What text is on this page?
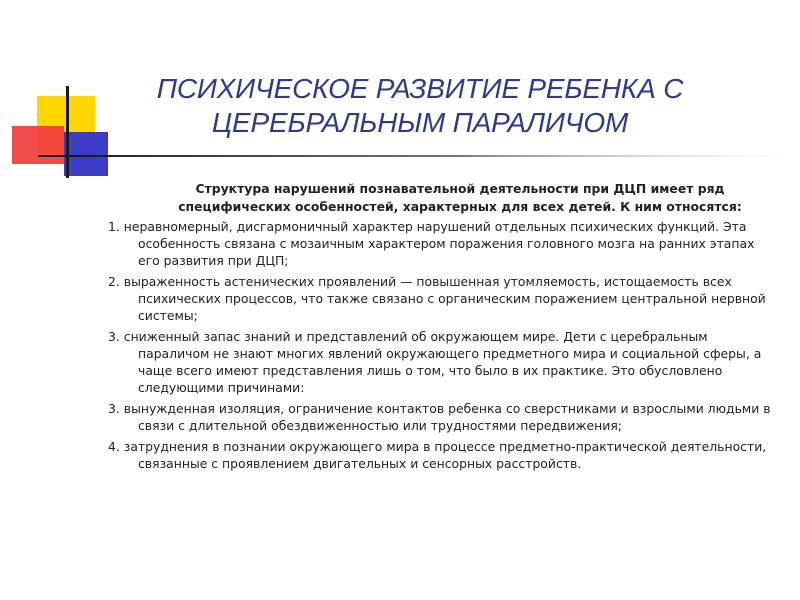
ПСИХИЧЕСКОЕ РАЗВИТИЕ РЕБЕНКА С ЦЕРЕБРАЛЬНЫМ ПАРАЛИЧОМ

Структура нарушений познавательной деятельности при ДЦП имеет ряд специфических особенностей, характерных для всех детей. К ним относятся:

1. неравномерный, дисгармоничный характер нарушений отдельных психических функций. Эта особенность связана с мозаичным характером поражения головного мозга на ранних этапах его развития при ДЦП;

2. выраженность астенических проявлений — повышенная утомляемость, истощаемость всех психических процессов, что также связано с органическим поражением центральной нервной системы;

3. сниженный запас знаний и представлений об окружающем мире. Дети с церебральным параличом не знают многих явлений окружающего предметного мира и социальной сферы, а чаще всего имеют представления лишь о том, что было в их практике. Это обусловлено следующими причинами:

3. вынужденная изоляция, ограничение контактов ребенка со сверстниками и взрослыми людьми в связи с длительной обездвиженностью или трудностями передвижения;

4. затруднения в познании окружающего мира в процессе предметно-практической деятельности, связанные с проявлением двигательных и сенсорных расстройств.
